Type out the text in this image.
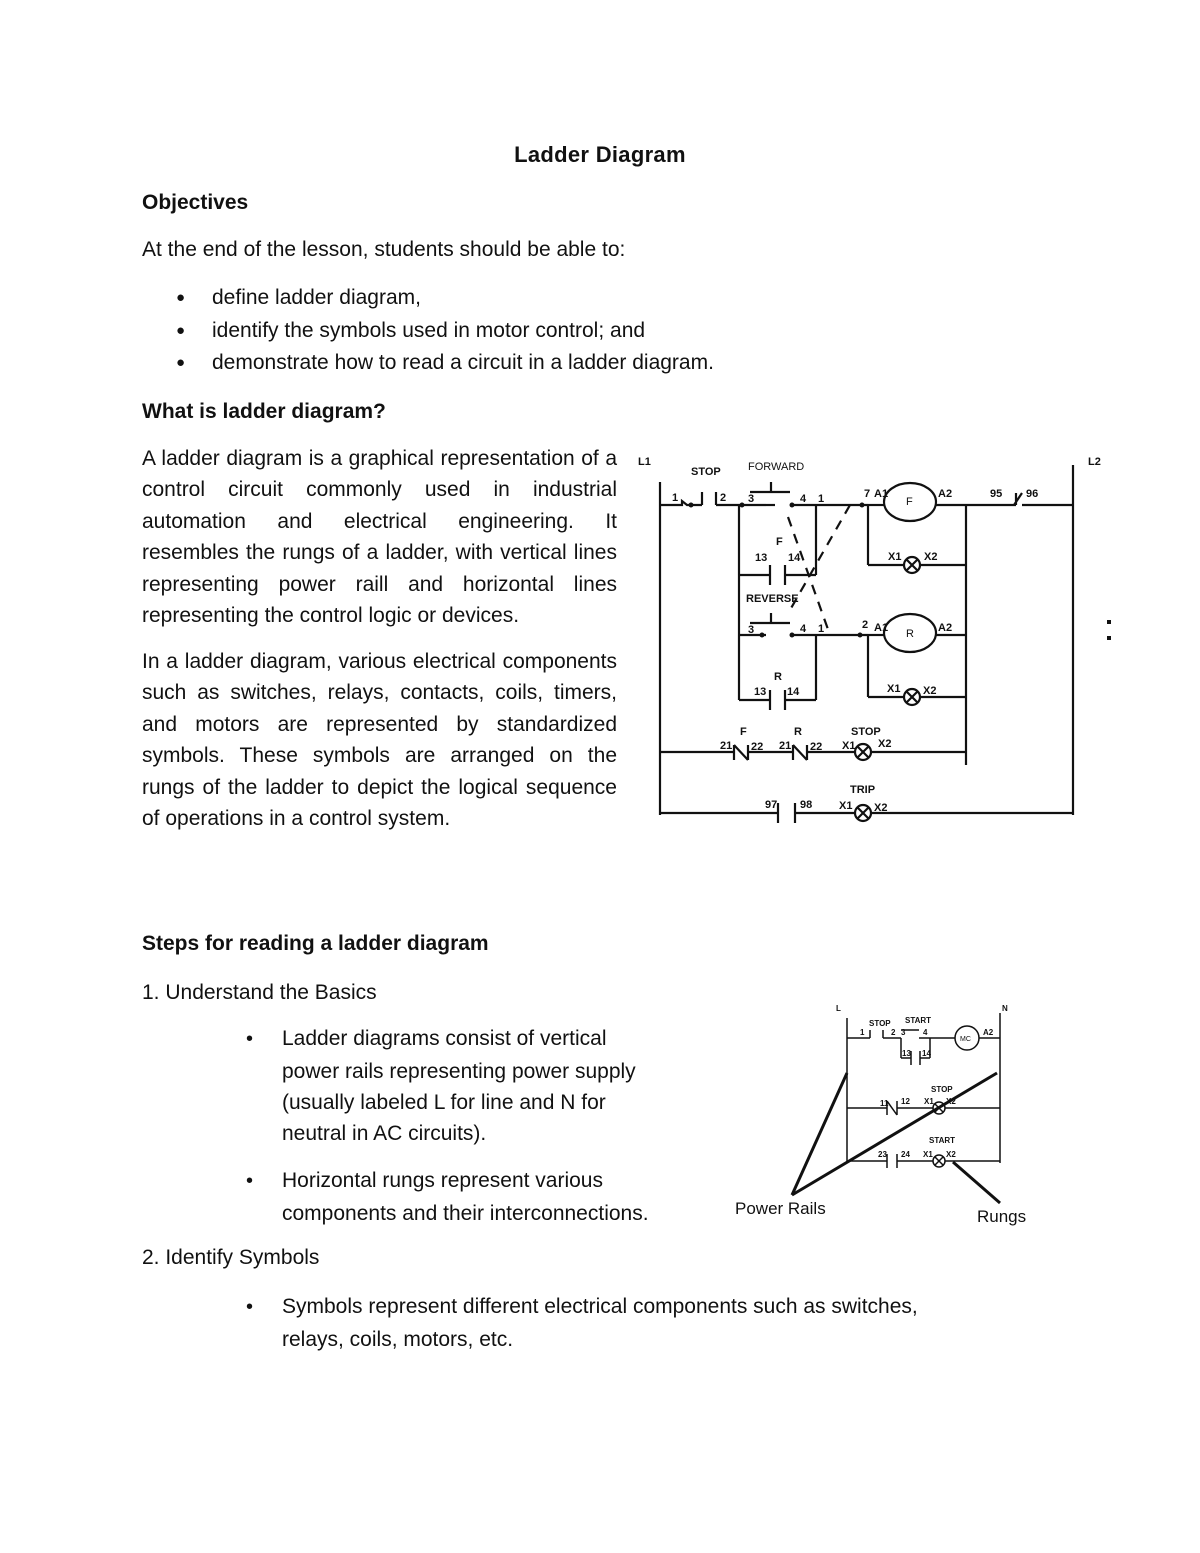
Ladder Diagram
Objectives
At the end of the lesson, students should be able to:
● define ladder diagram,
● identify the symbols used in motor control; and
● demonstrate how to read a circuit in a ladder diagram.
What is ladder diagram?
A ladder diagram is a graphical representation of a control circuit commonly used in industrial automation and electrical engineering. It resembles the rungs of a ladder, with vertical lines representing power raill and horizontal lines representing the control logic or devices.
In a ladder diagram, various electrical components such as switches, relays, contacts, coils, timers, and motors are represented by standardized symbols. These symbols are arranged on the rungs of the ladder to depict the logical sequence of operations in a control system.
L1	L2
STOP FORWARD
1	2 3	4 1	7 A1
F
A2	95 96
F
13 14	X1 X2
REVERSE
3	4 1	2 A1 R A2
R
13 14	X1 X2
F	R	STOP
21 22 21 22 X1 X2
TRIP
97 98 X1 X2
Steps for reading a ladder diagram
1. Understand the Basics
• Ladder diagrams consist of vertical
power rails representing power supply
(usually labeled L for line and N for
neutral in AC circuits).
• Horizontal rungs represent various
components and their interconnections.
2. Identify Symbols
• Symbols represent different electrical components such as switches,
relays, coils, motors, etc.
L	N
STOP START
MC
1	2 3 4	A2
13 14
STOP
11 12 X1 X2
START
23 24 X1 X2
Power Rails	Rungs
